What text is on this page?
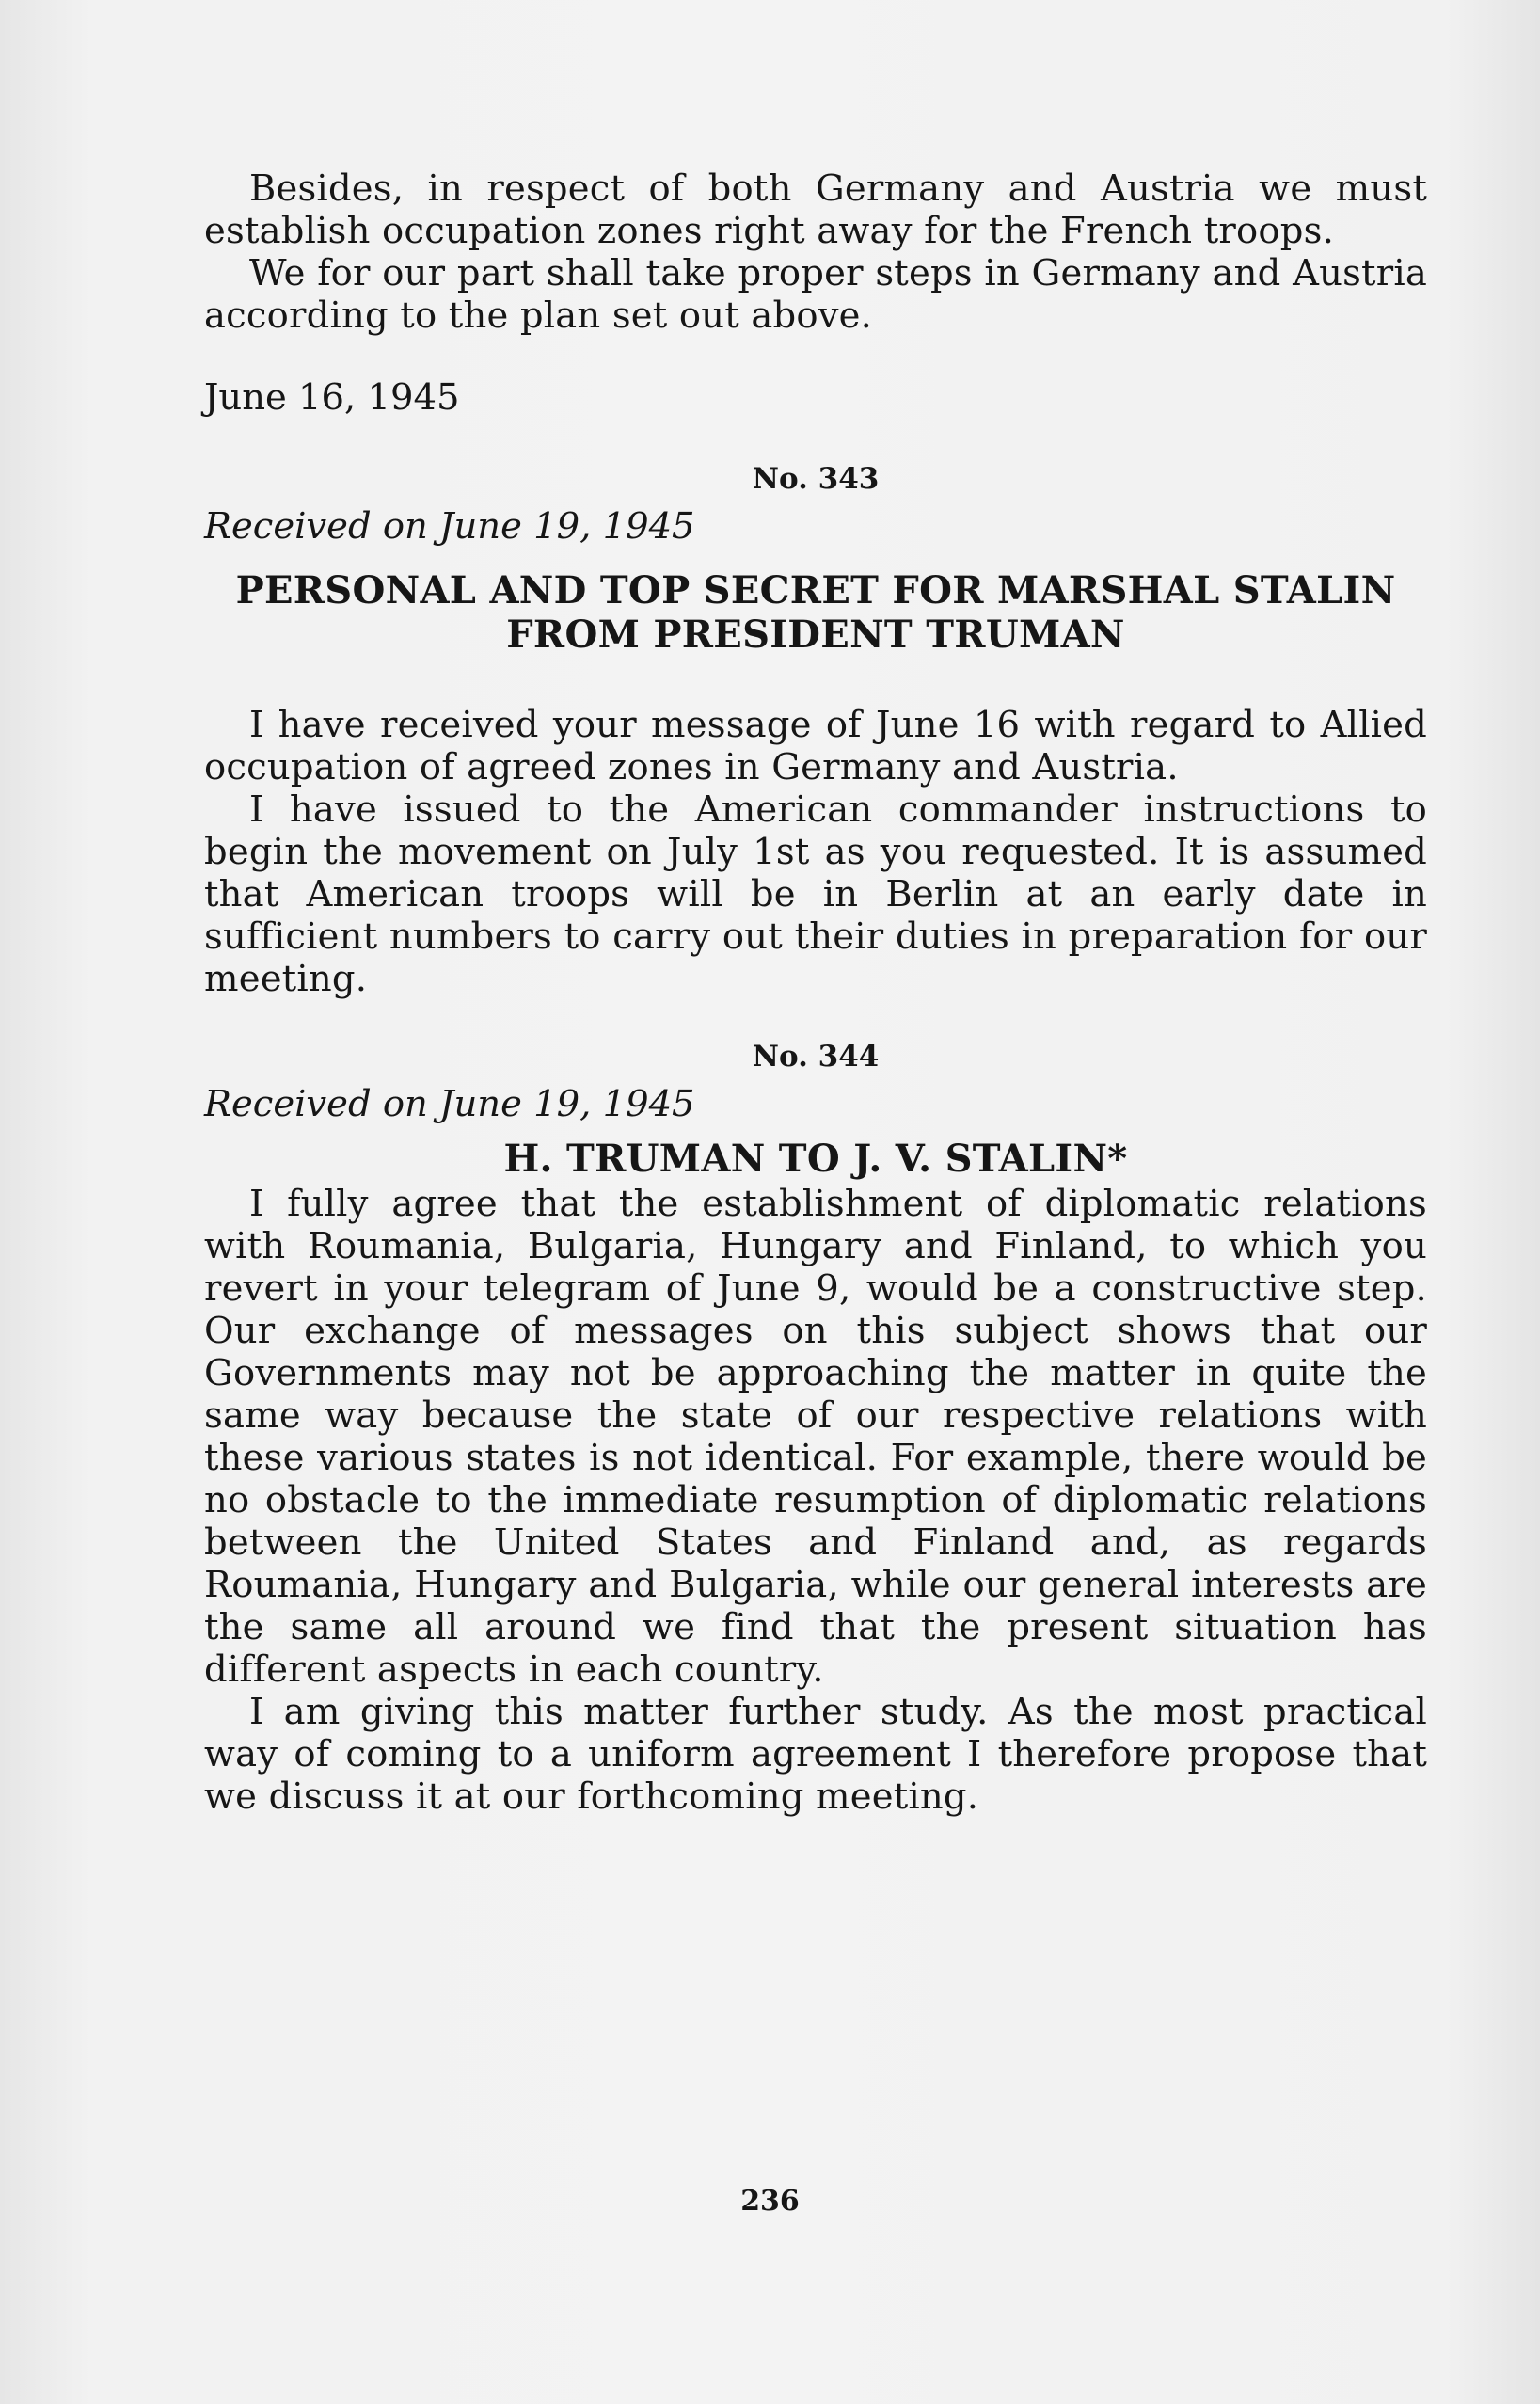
Besides, in respect of both Germany and Austria we must establish occupation zones right away for the French troops.

We for our part shall take proper steps in Germany and Austria according to the plan set out above.

June 16, 1945
No. 343
Received on June 19, 1945
PERSONAL AND TOP SECRET FOR MARSHAL STALIN
FROM PRESIDENT TRUMAN

I have received your message of June 16 with regard to Allied occupation of agreed zones in Germany and Austria.

I have issued to the American commander instructions to begin the movement on July 1st as you requested. It is assumed that American troops will be in Berlin at an early date in sufficient numbers to carry out their duties in preparation for our meeting.

No. 344
Received on June 19, 1945
H. TRUMAN TO J. V. STALIN*

I fully agree that the establishment of diplomatic relations with Roumania, Bulgaria, Hungary and Finland, to which you revert in your telegram of June 9, would be a constructive step. Our exchange of messages on this subject shows that our Governments may not be approaching the matter in quite the same way because the state of our respective relations with these various states is not identical. For example, there would be no obstacle to the immediate resumption of diplomatic relations between the United States and Finland and, as regards Roumania, Hungary and Bulgaria, while our general interests are the same all around we find that the present situation has different aspects in each country.

I am giving this matter further study. As the most practical way of coming to a uniform agreement I therefore propose that we discuss it at our forthcoming meeting.

236
